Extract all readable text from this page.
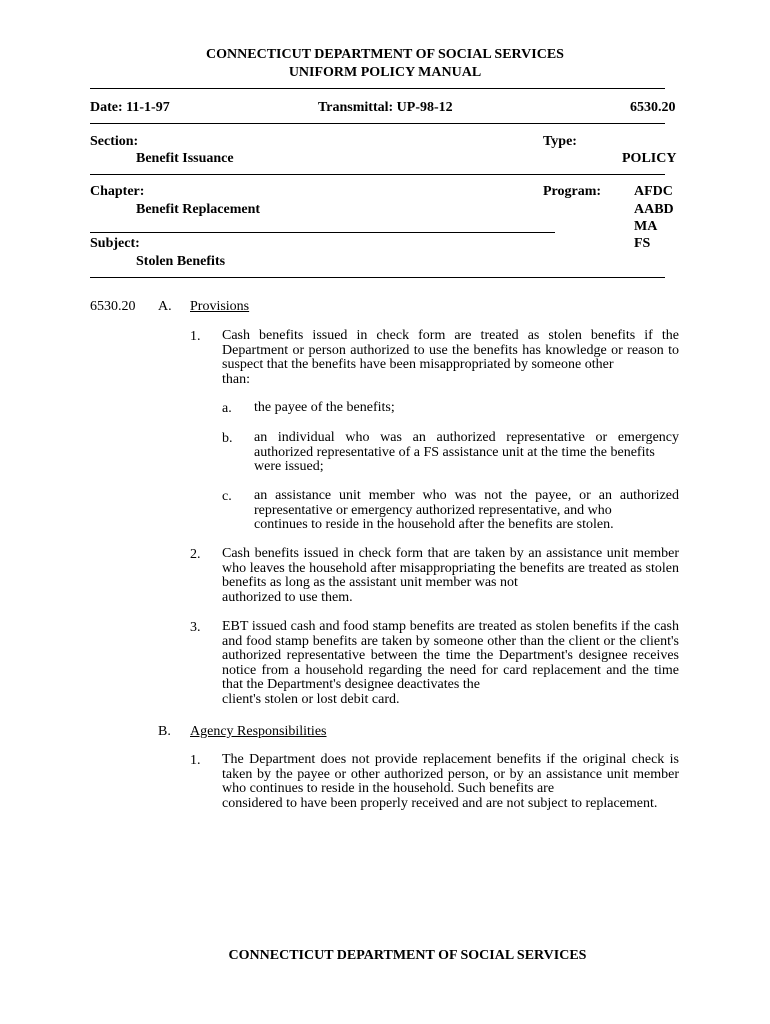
CONNECTICUT DEPARTMENT OF SOCIAL SERVICES
UNIFORM POLICY MANUAL
Date: 11-1-97	Transmittal: UP-98-12	6530.20
Section:
Benefit Issuance
Type:
POLICY
Chapter:
Benefit Replacement
Program: AFDC
AABD
MA
FS
Subject:
Stolen Benefits
6530.20 A. Provisions
1. Cash benefits issued in check form are treated as stolen benefits if the Department or person authorized to use the benefits has knowledge or reason to suspect that the benefits have been misappropriated by someone other
than:
a. the payee of the benefits;
b. an individual who was an authorized representative or emergency authorized representative of a FS assistance unit at the time the benefits
were issued;
c. an assistance unit member who was not the payee, or an authorized representative or emergency authorized representative, and who
continues to reside in the household after the benefits are stolen.
2. Cash benefits issued in check form that are taken by an assistance unit member who leaves the household after misappropriating the benefits are treated as stolen benefits as long as the assistant unit member was not
authorized to use them.
3. EBT issued cash and food stamp benefits are treated as stolen benefits if the cash and food stamp benefits are taken by someone other than the client or the client's authorized representative between the time the Department's designee receives notice from a household regarding the need for card replacement and the time that the Department's designee deactivates the
client's stolen or lost debit card.
B. Agency Responsibilities
1. The Department does not provide replacement benefits if the original check is taken by the payee or other authorized person, or by an assistance unit member who continues to reside in the household. Such benefits are
considered to have been properly received and are not subject to replacement.
CONNECTICUT DEPARTMENT OF SOCIAL SERVICES
